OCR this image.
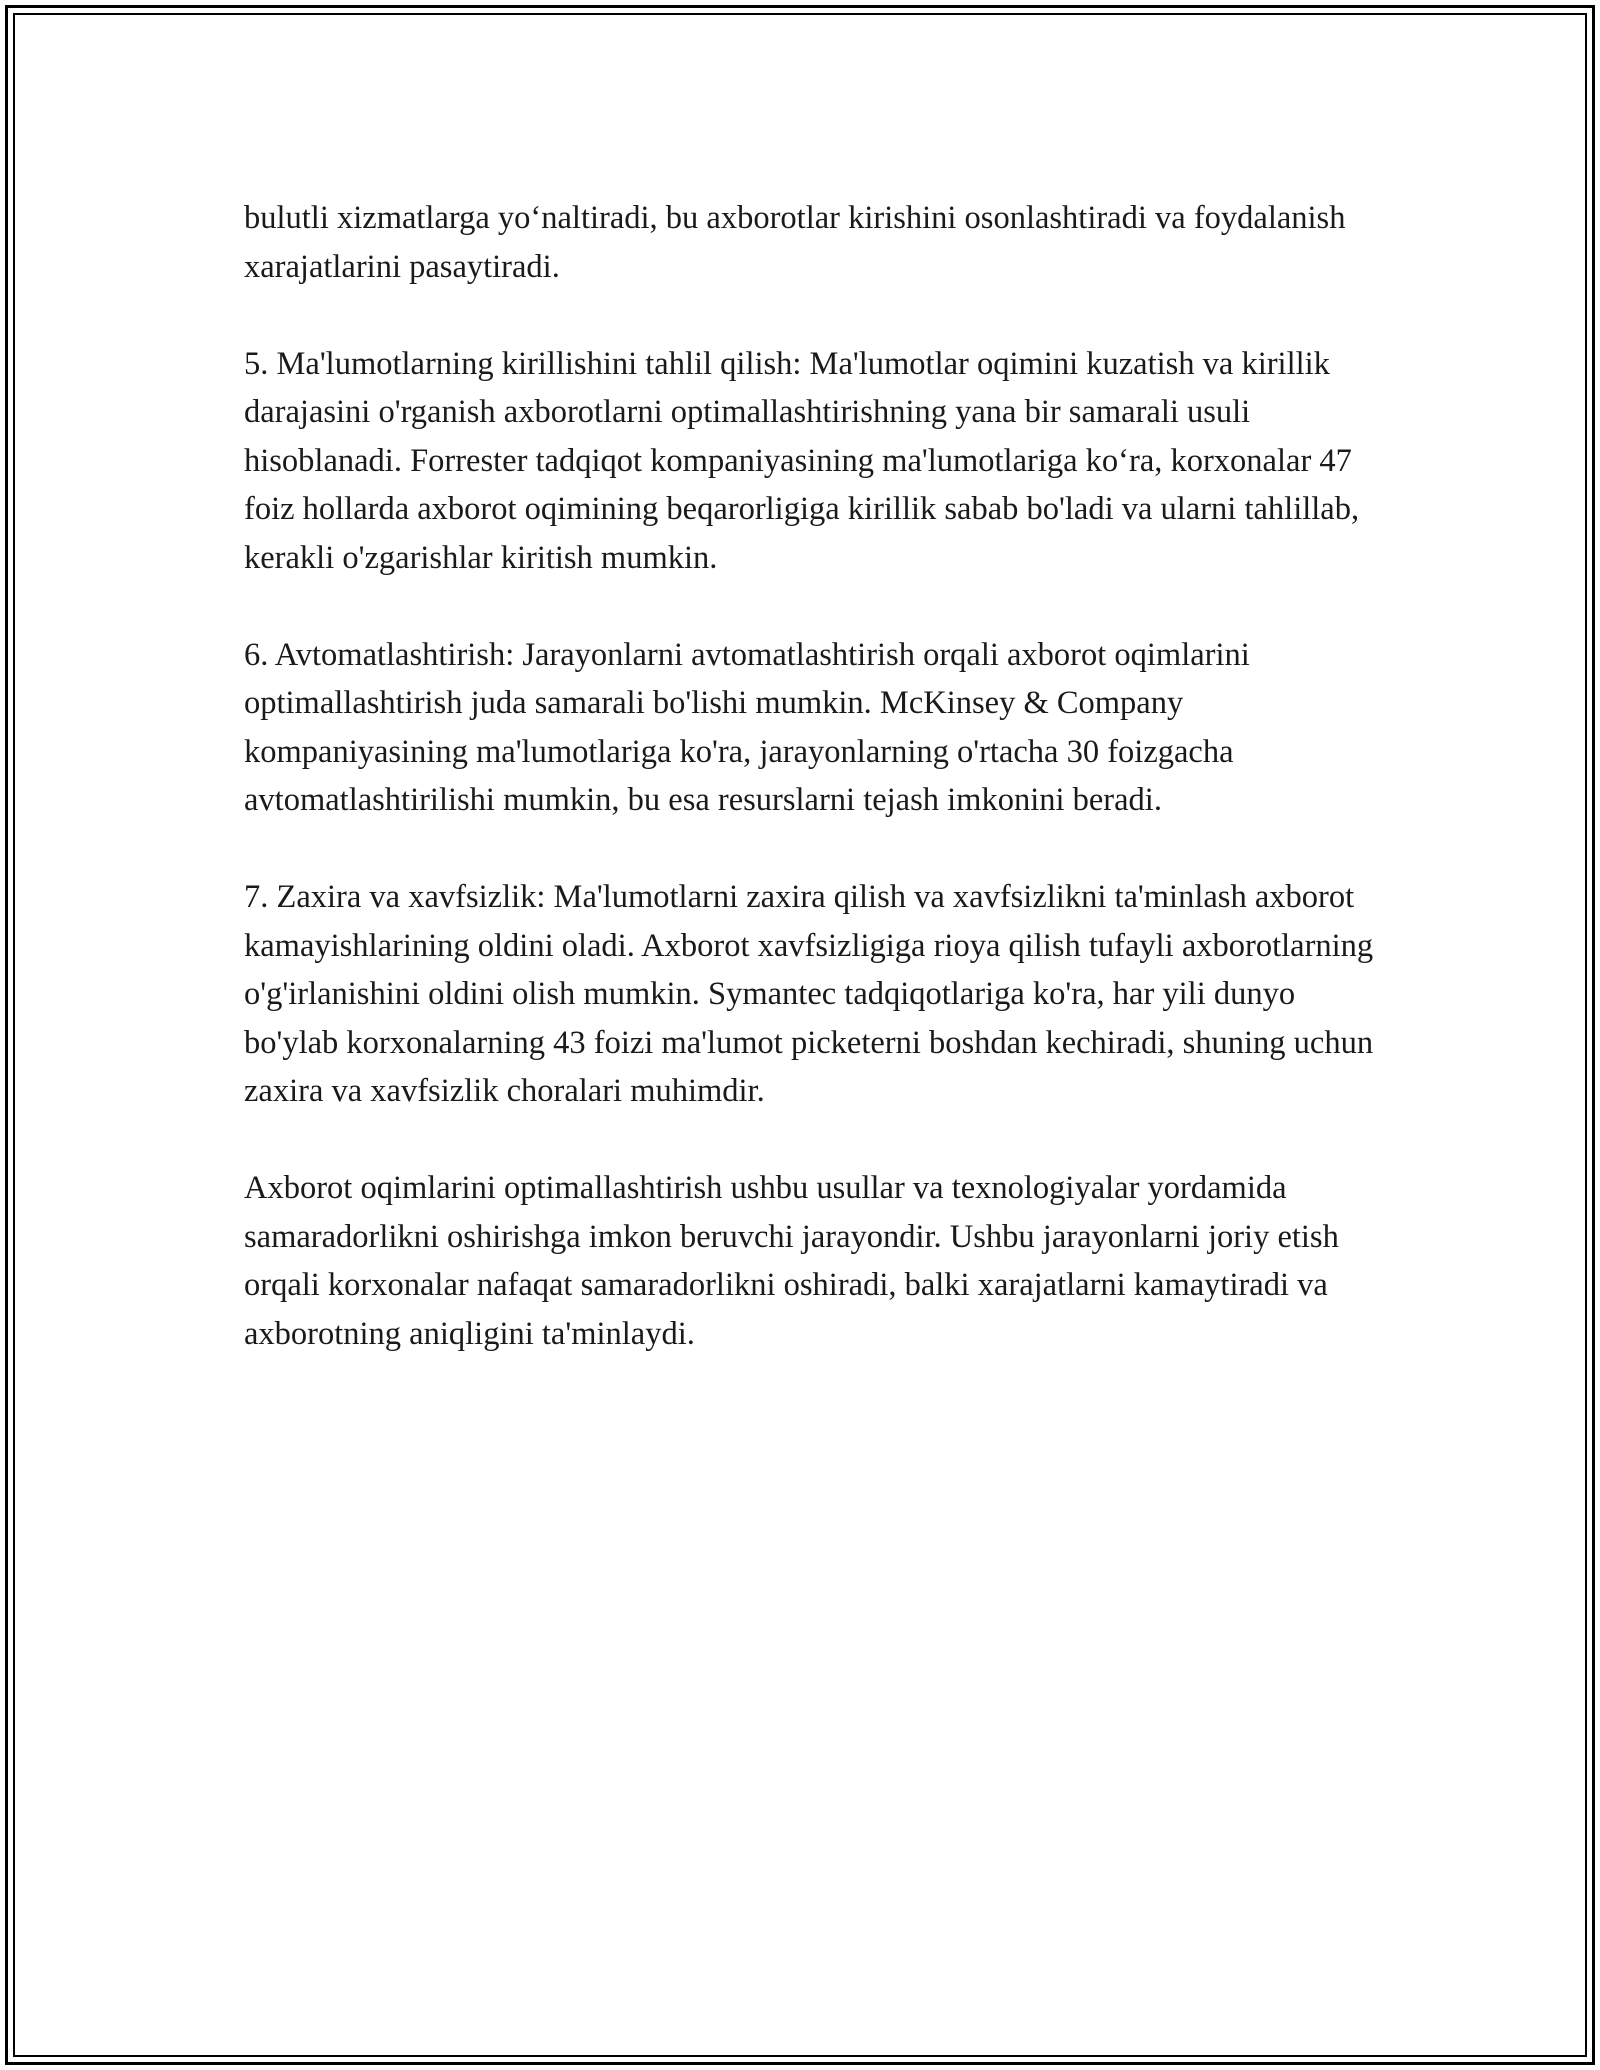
bulutli xizmatlarga yo‘naltiradi, bu axborotlar kirishini osonlashtiradi va foydalanish xarajatlarini pasaytiradi.

5. Ma'lumotlarning kirillishini tahlil qilish: Ma'lumotlar oqimini kuzatish va kirillik darajasini o'rganish axborotlarni optimallashtirishning yana bir samarali usuli hisoblanadi. Forrester tadqiqot kompaniyasining ma'lumotlariga ko‘ra, korxonalar 47 foiz hollarda axborot oqimining beqarorligiga kirillik sabab bo'ladi va ularni tahlillab, kerakli o'zgarishlar kiritish mumkin.

6. Avtomatlashtirish: Jarayonlarni avtomatlashtirish orqali axborot oqimlarini optimallashtirish juda samarali bo'lishi mumkin. McKinsey & Company kompaniyasining ma'lumotlariga ko'ra, jarayonlarning o'rtacha 30 foizgacha avtomatlashtirilishi mumkin, bu esa resurslarni tejash imkonini beradi.

7. Zaxira va xavfsizlik: Ma'lumotlarni zaxira qilish va xavfsizlikni ta'minlash axborot kamayishlarining oldini oladi. Axborot xavfsizligiga rioya qilish tufayli axborotlarning o'g'irlanishini oldini olish mumkin. Symantec tadqiqotlariga ko'ra, har yili dunyo bo'ylab korxonalarning 43 foizi ma'lumot picketerni boshdan kechiradi, shuning uchun zaxira va xavfsizlik choralari muhimdir.

Axborot oqimlarini optimallashtirish ushbu usullar va texnologiyalar yordamida samaradorlikni oshirishga imkon beruvchi jarayondir. Ushbu jarayonlarni joriy etish orqali korxonalar nafaqat samaradorlikni oshiradi, balki xarajatlarni kamaytiradi va axborotning aniqligini ta'minlaydi.
